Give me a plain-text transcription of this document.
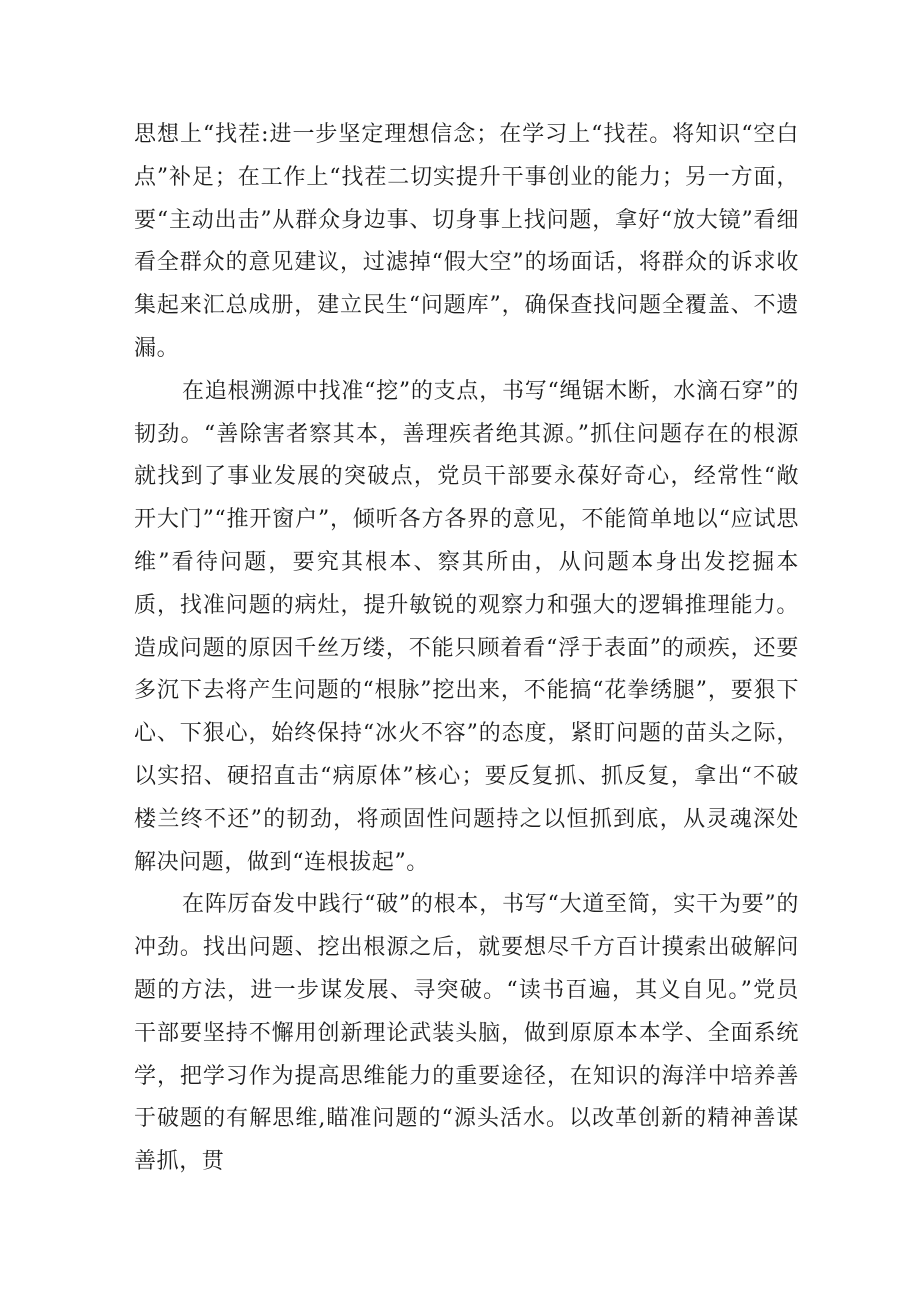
思想上“找茬:进一步坚定理想信念；在学习上“找茬。将知识“空白点”补足；在工作上“找茬二切实提升干事创业的能力；另一方面，要“主动出击”从群众身边事、切身事上找问题，拿好“放大镜”看细看全群众的意见建议，过滤掉“假大空”的场面话，将群众的诉求收集起来汇总成册，建立民生“问题库”，确保查找问题全覆盖、不遗漏。

在追根溯源中找准“挖”的支点，书写“绳锯木断，水滴石穿”的韧劲。“善除害者察其本，善理疾者绝其源。”抓住问题存在的根源就找到了事业发展的突破点，党员干部要永葆好奇心，经常性“敞开大门”“推开窗户”，倾听各方各界的意见，不能简单地以“应试思维”看待问题，要究其根本、察其所由，从问题本身出发挖掘本质，找准问题的病灶，提升敏锐的观察力和强大的逻辑推理能力。造成问题的原因千丝万缕，不能只顾着看“浮于表面”的顽疾，还要多沉下去将产生问题的“根脉”挖出来，不能搞“花拳绣腿”，要狠下心、下狠心，始终保持“冰火不容”的态度，紧盯问题的苗头之际，以实招、硬招直击“病原体”核心；要反复抓、抓反复，拿出“不破楼兰终不还”的韧劲，将顽固性问题持之以恒抓到底，从灵魂深处解决问题，做到“连根拔起”。

在阵厉奋发中践行“破”的根本，书写“大道至简，实干为要”的冲劲。找出问题、挖出根源之后，就要想尽千方百计摸索出破解问题的方法，进一步谋发展、寻突破。“读书百遍，其义自见。”党员干部要坚持不懈用创新理论武装头脑，做到原原本本学、全面系统学，把学习作为提高思维能力的重要途径，在知识的海洋中培养善于破题的有解思维,瞄准问题的“源头活水。以改革创新的精神善谋善抓，贯
